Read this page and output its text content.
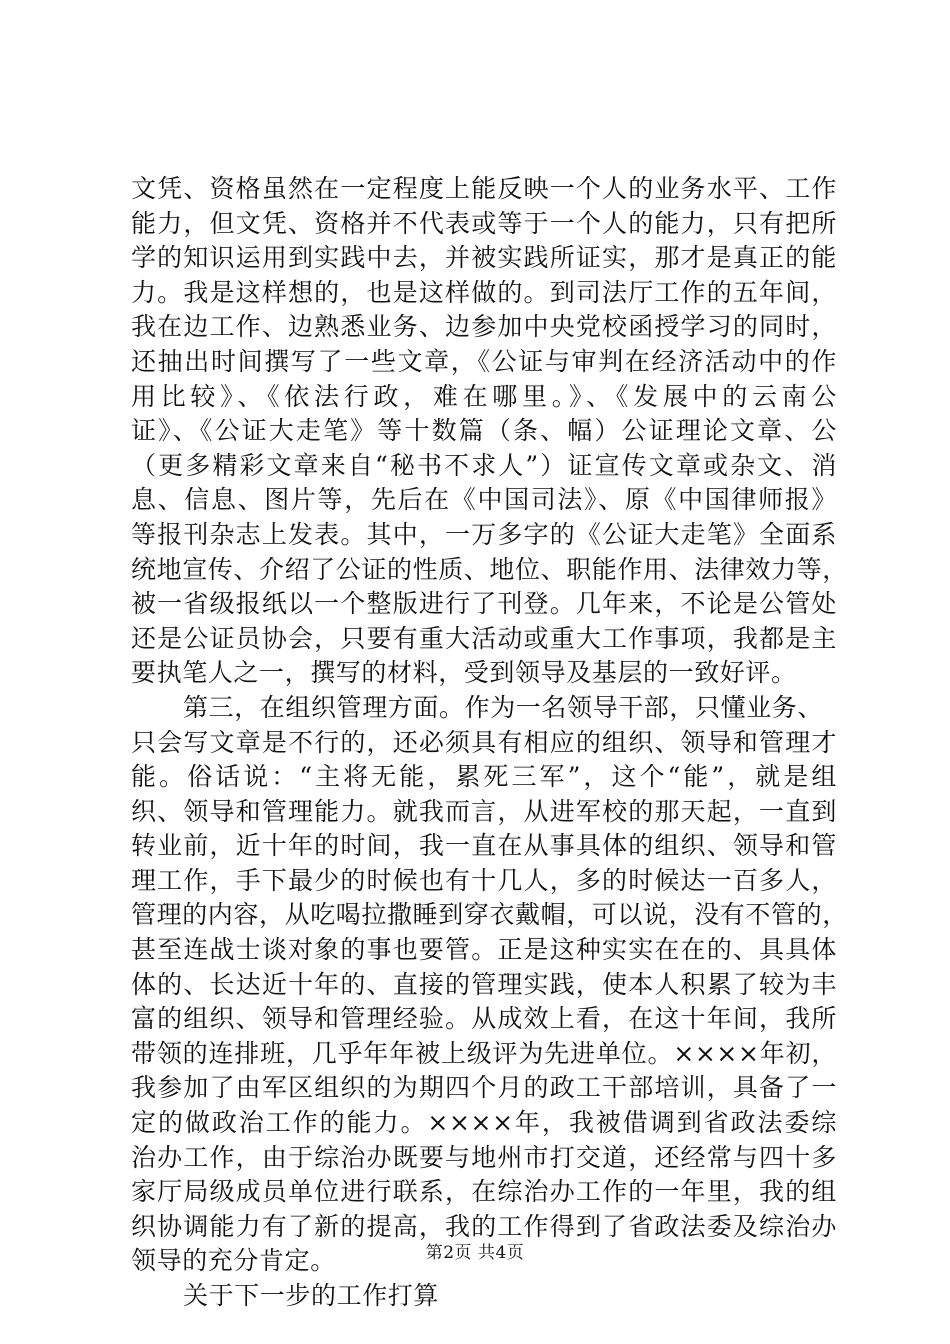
文凭、资格虽然在一定程度上能反映一个人的业务水平、工作
能力，但文凭、资格并不代表或等于一个人的能力，只有把所
学的知识运用到实践中去，并被实践所证实，那才是真正的能
力。我是这样想的，也是这样做的。到司法厅工作的五年间，
我在边工作、边熟悉业务、边参加中央党校函授学习的同时，
还抽出时间撰写了一些文章，《公证与审判在经济活动中的作
用比较》、《依法行政，难在哪里。》、《发展中的云南公
证》、《公证大走笔》等十数篇（条、幅）公证理论文章、公
（更多精彩文章来自“秘书不求人”）证宣传文章或杂文、消
息、信息、图片等，先后在《中国司法》、原《中国律师报》
等报刊杂志上发表。其中，一万多字的《公证大走笔》全面系
统地宣传、介绍了公证的性质、地位、职能作用、法律效力等，
被一省级报纸以一个整版进行了刊登。几年来，不论是公管处
还是公证员协会，只要有重大活动或重大工作事项，我都是主
要执笔人之一，撰写的材料，受到领导及基层的一致好评。
第三，在组织管理方面。作为一名领导干部，只懂业务、
只会写文章是不行的，还必须具有相应的组织、领导和管理才
能。俗话说：“主将无能，累死三军”，这个“能”，就是组
织、领导和管理能力。就我而言，从进军校的那天起，一直到
转业前，近十年的时间，我一直在从事具体的组织、领导和管
理工作，手下最少的时候也有十几人，多的时候达一百多人，
管理的内容，从吃喝拉撒睡到穿衣戴帽，可以说，没有不管的，
甚至连战士谈对象的事也要管。正是这种实实在在的、具具体
体的、长达近十年的、直接的管理实践，使本人积累了较为丰
富的组织、领导和管理经验。从成效上看，在这十年间，我所
带领的连排班，几乎年年被上级评为先进单位。××××年初，
我参加了由军区组织的为期四个月的政工干部培训，具备了一
定的做政治工作的能力。××××年，我被借调到省政法委综
治办工作，由于综治办既要与地州市打交道，还经常与四十多
家厅局级成员单位进行联系，在综治办工作的一年里，我的组
织协调能力有了新的提高，我的工作得到了省政法委及综治办
领导的充分肯定。
关于下一步的工作打算
第2页 共4页
